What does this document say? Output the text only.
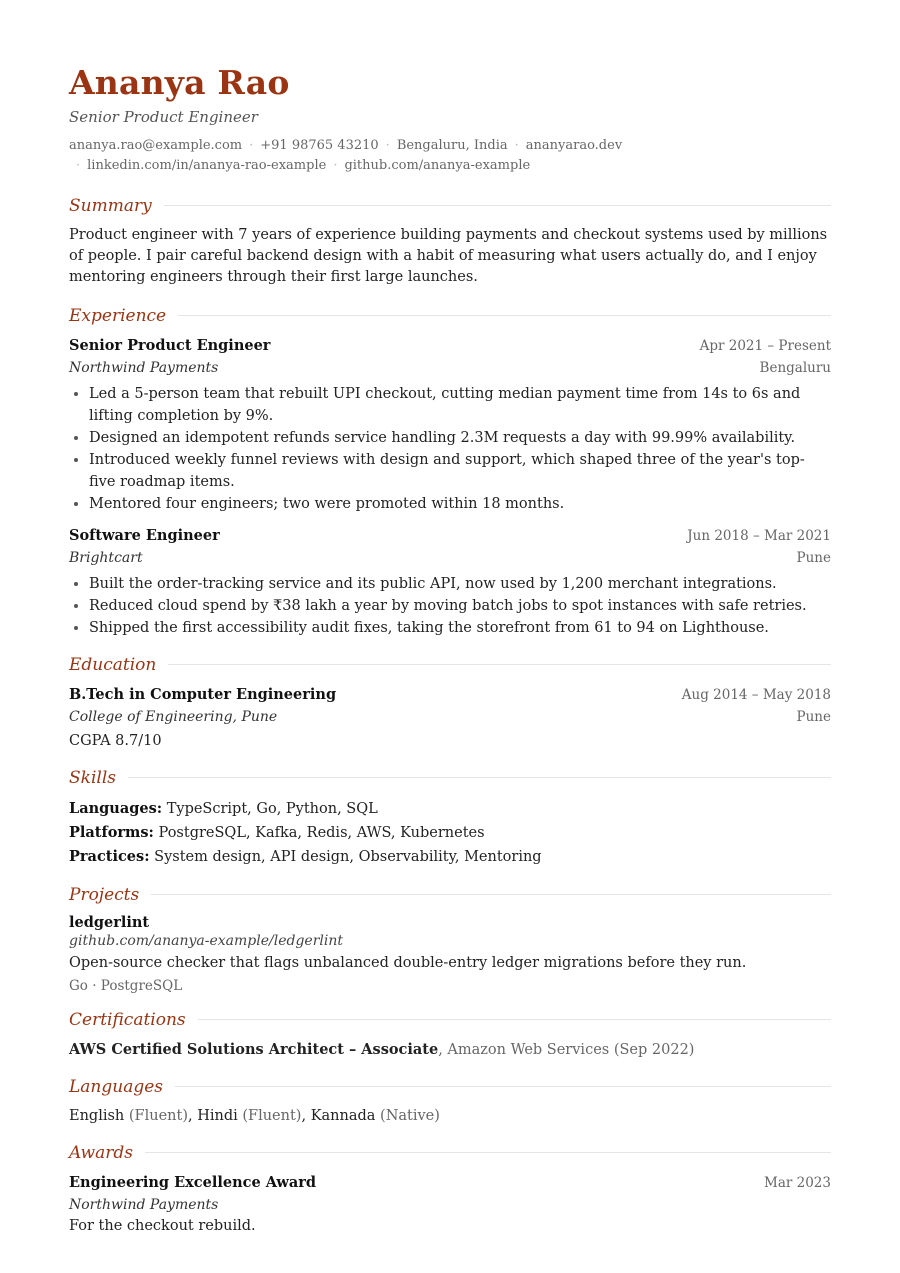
Ananya Rao
Senior Product Engineer
ananya.rao@example.com · +91 98765 43210 · Bengaluru, India · ananyarao.dev
· linkedin.com/in/ananya-rao-example · github.com/ananya-example
Summary
Product engineer with 7 years of experience building payments and checkout systems used by millions of people. I pair careful backend design with a habit of measuring what users actually do, and I enjoy mentoring engineers through their first large launches.
Experience
Senior Product Engineer	Apr 2021 – Present
Northwind Payments	Bengaluru
• Led a 5-person team that rebuilt UPI checkout, cutting median payment time from 14s to 6s and lifting completion by 9%.
• Designed an idempotent refunds service handling 2.3M requests a day with 99.99% availability.
• Introduced weekly funnel reviews with design and support, which shaped three of the year's top-five roadmap items.
• Mentored four engineers; two were promoted within 18 months.
Software Engineer	Jun 2018 – Mar 2021
Brightcart	Pune
• Built the order-tracking service and its public API, now used by 1,200 merchant integrations.
• Reduced cloud spend by ₹38 lakh a year by moving batch jobs to spot instances with safe retries.
• Shipped the first accessibility audit fixes, taking the storefront from 61 to 94 on Lighthouse.
Education
B.Tech in Computer Engineering	Aug 2014 – May 2018
College of Engineering, Pune	Pune
CGPA 8.7/10
Skills
Languages: TypeScript, Go, Python, SQL
Platforms: PostgreSQL, Kafka, Redis, AWS, Kubernetes
Practices: System design, API design, Observability, Mentoring
Projects
ledgerlint
github.com/ananya-example/ledgerlint
Open-source checker that flags unbalanced double-entry ledger migrations before they run.
Go · PostgreSQL
Certifications
AWS Certified Solutions Architect – Associate, Amazon Web Services (Sep 2022)
Languages
English (Fluent), Hindi (Fluent), Kannada (Native)
Awards
Engineering Excellence Award	Mar 2023
Northwind Payments
For the checkout rebuild.
